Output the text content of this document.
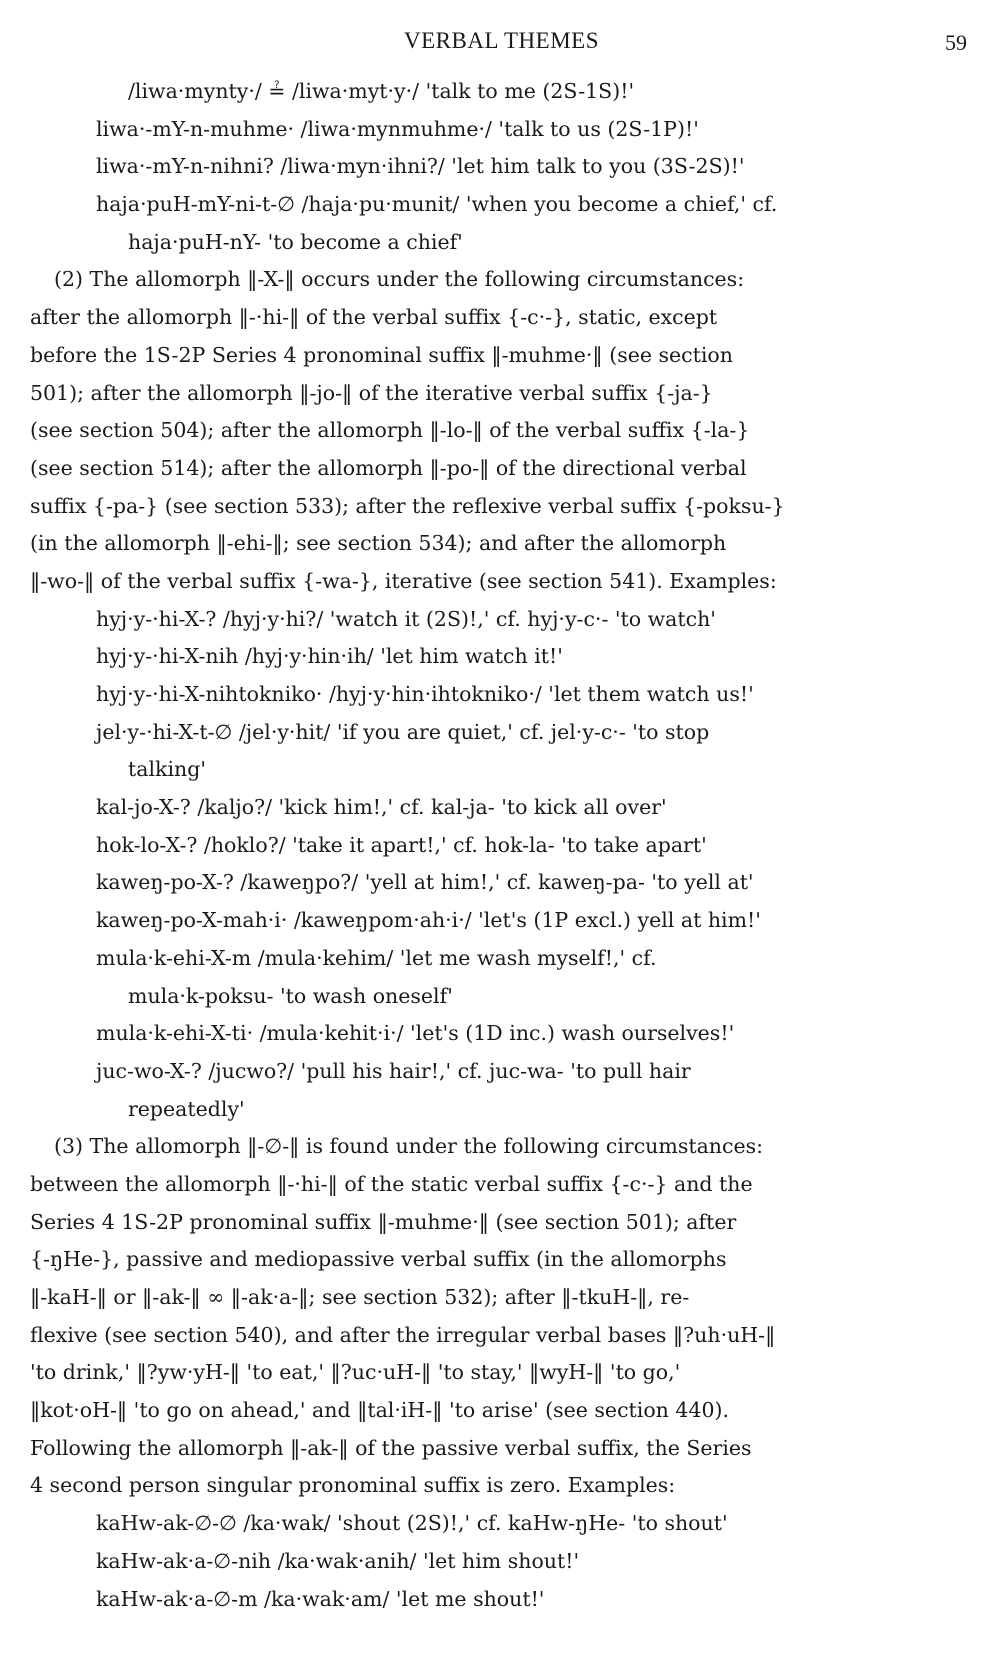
VERBAL THEMES	59
/liwa·mynty·/ ≟ /liwa·myt·y·/ 'talk to me (2S-1S)!'
liwa·-mY-n-muhme· /liwa·mynmuhme·/ 'talk to us (2S-1P)!'
liwa·-mY-n-nihni? /liwa·myn·ihni?/ 'let him talk to you (3S-2S)!'
haja·puH-mY-ni-t-∅ /haja·pu·munit/ 'when you become a chief,' cf.
haja·puH-nY- 'to become a chief'
(2) The allomorph ‖-X-‖ occurs under the following circumstances:
after the allomorph ‖-·hi-‖ of the verbal suffix {-c·-}, static, except
before the 1S-2P Series 4 pronominal suffix ‖-muhme·‖ (see section
501); after the allomorph ‖-jo-‖ of the iterative verbal suffix {-ja-}
(see section 504); after the allomorph ‖-lo-‖ of the verbal suffix {-la-}
(see section 514); after the allomorph ‖-po-‖ of the directional verbal
suffix {-pa-} (see section 533); after the reflexive verbal suffix {-poksu-}
(in the allomorph ‖-ehi-‖; see section 534); and after the allomorph
‖-wo-‖ of the verbal suffix {-wa-}, iterative (see section 541). Examples:
hyj·y-·hi-X-? /hyj·y·hi?/ 'watch it (2S)!,' cf. hyj·y-c·- 'to watch'
hyj·y-·hi-X-nih /hyj·y·hin·ih/ 'let him watch it!'
hyj·y-·hi-X-nihtokniko· /hyj·y·hin·ihtokniko·/ 'let them watch us!'
jel·y-·hi-X-t-∅ /jel·y·hit/ 'if you are quiet,' cf. jel·y-c·- 'to stop
talking'
kal-jo-X-? /kaljo?/ 'kick him!,' cf. kal-ja- 'to kick all over'
hok-lo-X-? /hoklo?/ 'take it apart!,' cf. hok-la- 'to take apart'
kaweŋ-po-X-? /kaweŋpo?/ 'yell at him!,' cf. kaweŋ-pa- 'to yell at'
kaweŋ-po-X-mah·i· /kaweŋpom·ah·i·/ 'let's (1P excl.) yell at him!'
mula·k-ehi-X-m /mula·kehim/ 'let me wash myself!,' cf.
mula·k-poksu- 'to wash oneself'
mula·k-ehi-X-ti· /mula·kehit·i·/ 'let's (1D inc.) wash ourselves!'
juc-wo-X-? /jucwo?/ 'pull his hair!,' cf. juc-wa- 'to pull hair
repeatedly'
(3) The allomorph ‖-∅-‖ is found under the following circumstances:
between the allomorph ‖-·hi-‖ of the static verbal suffix {-c·-} and the
Series 4 1S-2P pronominal suffix ‖-muhme·‖ (see section 501); after
{-ŋHe-}, passive and mediopassive verbal suffix (in the allomorphs
‖-kaH-‖ or ‖-ak-‖ ∞ ‖-ak·a-‖; see section 532); after ‖-tkuH-‖, re-
flexive (see section 540), and after the irregular verbal bases ‖?uh·uH-‖
'to drink,' ‖?yw·yH-‖ 'to eat,' ‖?uc·uH-‖ 'to stay,' ‖wyH-‖ 'to go,'
‖kot·oH-‖ 'to go on ahead,' and ‖tal·iH-‖ 'to arise' (see section 440).
Following the allomorph ‖-ak-‖ of the passive verbal suffix, the Series
4 second person singular pronominal suffix is zero. Examples:
kaHw-ak-∅-∅ /ka·wak/ 'shout (2S)!,' cf. kaHw-ŋHe- 'to shout'
kaHw-ak·a-∅-nih /ka·wak·anih/ 'let him shout!'
kaHw-ak·a-∅-m /ka·wak·am/ 'let me shout!'
